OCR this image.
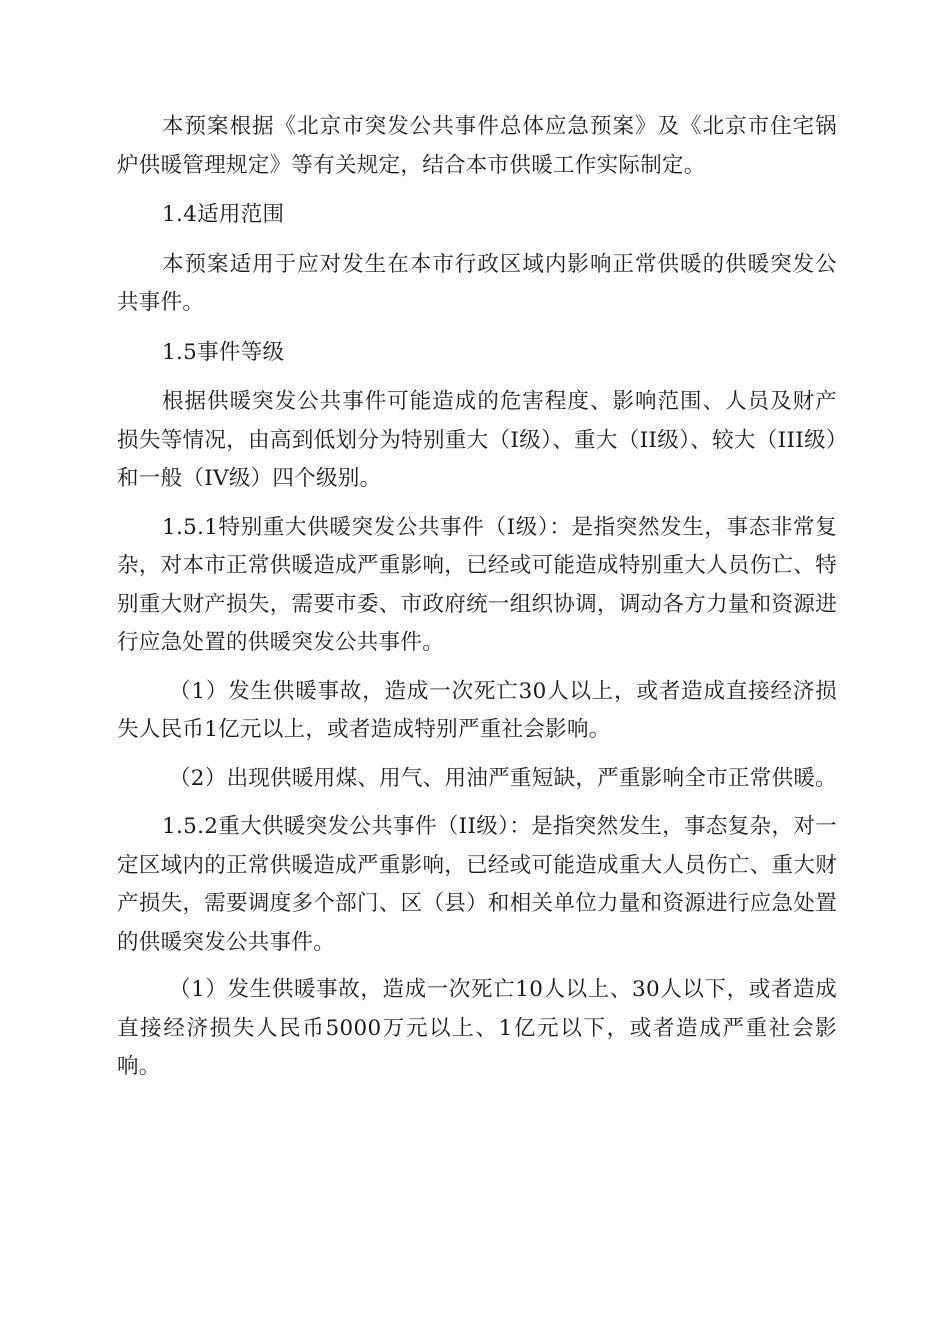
本预案根据《北京市突发公共事件总体应急预案》及《北京市住宅锅炉供暖管理规定》等有关规定，结合本市供暖工作实际制定。

1.4适用范围

本预案适用于应对发生在本市行政区域内影响正常供暖的供暖突发公共事件。

1.5事件等级

根据供暖突发公共事件可能造成的危害程度、影响范围、人员及财产损失等情况，由高到低划分为特别重大（I级）、重大（II级）、较大（III级）和一般（IV级）四个级别。

1.5.1特别重大供暖突发公共事件（I级）：是指突然发生，事态非常复杂，对本市正常供暖造成严重影响，已经或可能造成特别重大人员伤亡、特别重大财产损失，需要市委、市政府统一组织协调，调动各方力量和资源进行应急处置的供暖突发公共事件。

（1）发生供暖事故，造成一次死亡30人以上，或者造成直接经济损失人民币1亿元以上，或者造成特别严重社会影响。

（2）出现供暖用煤、用气、用油严重短缺，严重影响全市正常供暖。

1.5.2重大供暖突发公共事件（II级）：是指突然发生，事态复杂，对一定区域内的正常供暖造成严重影响，已经或可能造成重大人员伤亡、重大财产损失，需要调度多个部门、区（县）和相关单位力量和资源进行应急处置的供暖突发公共事件。

（1）发生供暖事故，造成一次死亡10人以上、30人以下，或者造成直接经济损失人民币5000万元以上、1亿元以下，或者造成严重社会影响。
